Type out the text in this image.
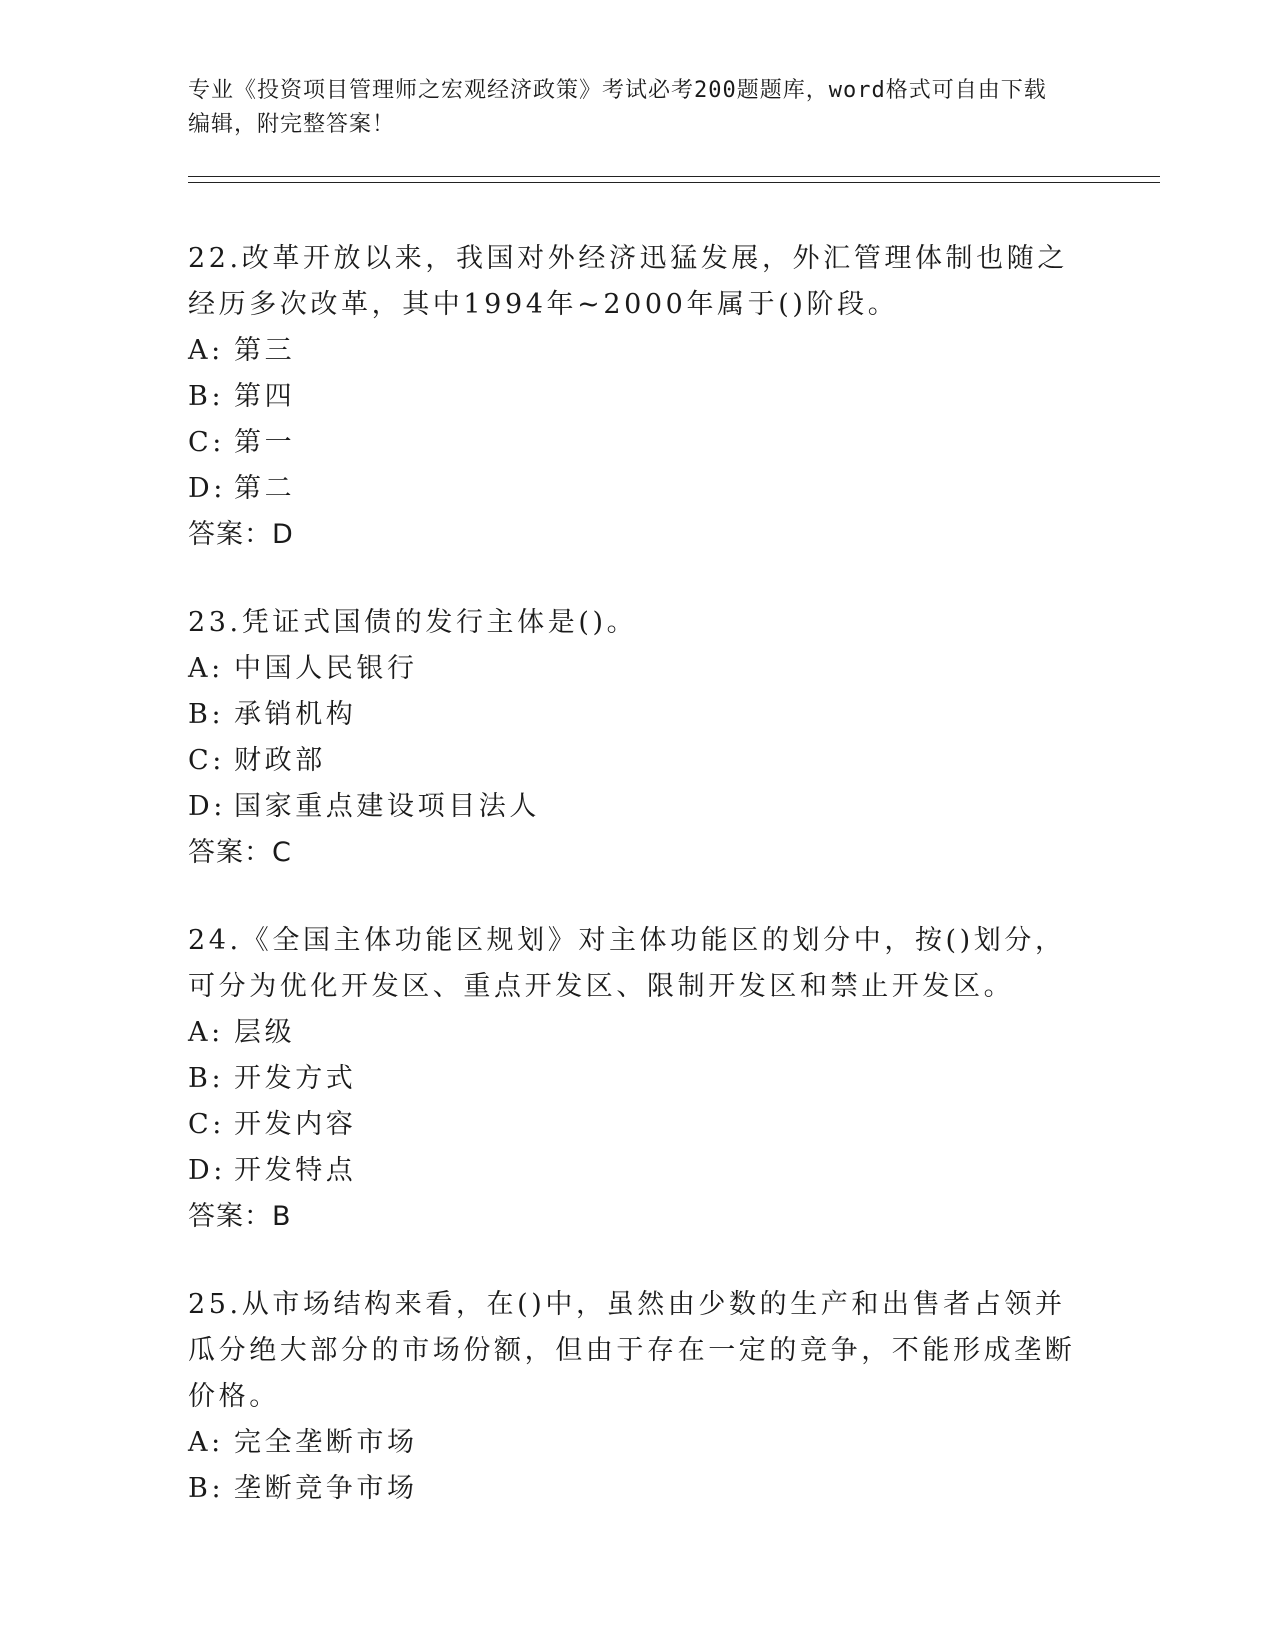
专业《投资项目管理师之宏观经济政策》考试必考200题题库，word格式可自由下载编辑，附完整答案！

22.改革开放以来，我国对外经济迅猛发展，外汇管理体制也随之经历多次改革，其中1994年~2000年属于()阶段。

A: 第三

B: 第四

C: 第一

D: 第二

答案：D

23.凭证式国债的发行主体是()。

A: 中国人民银行

B: 承销机构

C: 财政部

D: 国家重点建设项目法人

答案：C

24.《全国主体功能区规划》对主体功能区的划分中，按()划分，可分为优化开发区、重点开发区、限制开发区和禁止开发区。

A: 层级

B: 开发方式

C: 开发内容

D: 开发特点

答案：B

25.从市场结构来看，在()中，虽然由少数的生产和出售者占领并瓜分绝大部分的市场份额，但由于存在一定的竞争，不能形成垄断价格。

A: 完全垄断市场

B: 垄断竞争市场
